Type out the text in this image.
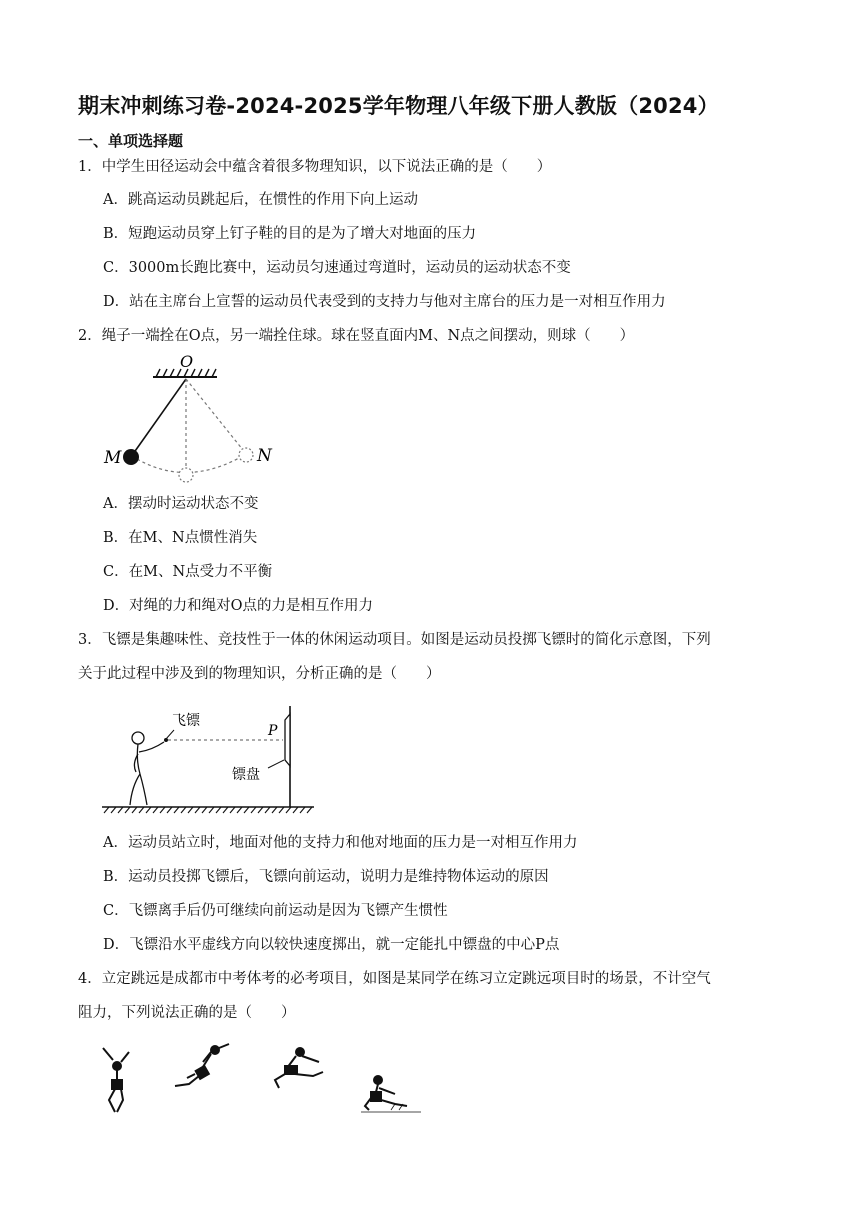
期末冲刺练习卷-2024-2025学年物理八年级下册人教版（2024）
一、单项选择题
1．中学生田径运动会中蕴含着很多物理知识，以下说法正确的是（　　）
A．跳高运动员跳起后，在惯性的作用下向上运动
B．短跑运动员穿上钉子鞋的目的是为了增大对地面的压力
C．3000m长跑比赛中，运动员匀速通过弯道时，运动员的运动状态不变
D．站在主席台上宣誓的运动员代表受到的支持力与他对主席台的压力是一对相互作用力
2．绳子一端拴在O点，另一端拴住球。球在竖直面内M、N点之间摆动，则球（　　）
O
M	N
A．摆动时运动状态不变
B．在M、N点惯性消失
C．在M、N点受力不平衡
D．对绳的力和绳对O点的力是相互作用力
3．飞镖是集趣味性、竞技性于一体的休闲运动项目。如图是运动员投掷飞镖时的简化示意图，下列
关于此过程中涉及到的物理知识，分析正确的是（　　）
飞镖
P
镖盘
A．运动员站立时，地面对他的支持力和他对地面的压力是一对相互作用力
B．运动员投掷飞镖后，飞镖向前运动，说明力是维持物体运动的原因
C．飞镖离手后仍可继续向前运动是因为飞镖产生惯性
D．飞镖沿水平虚线方向以较快速度掷出，就一定能扎中镖盘的中心P点
4．立定跳远是成都市中考体考的必考项目，如图是某同学在练习立定跳远项目时的场景，不计空气
阻力，下列说法正确的是（　　）
